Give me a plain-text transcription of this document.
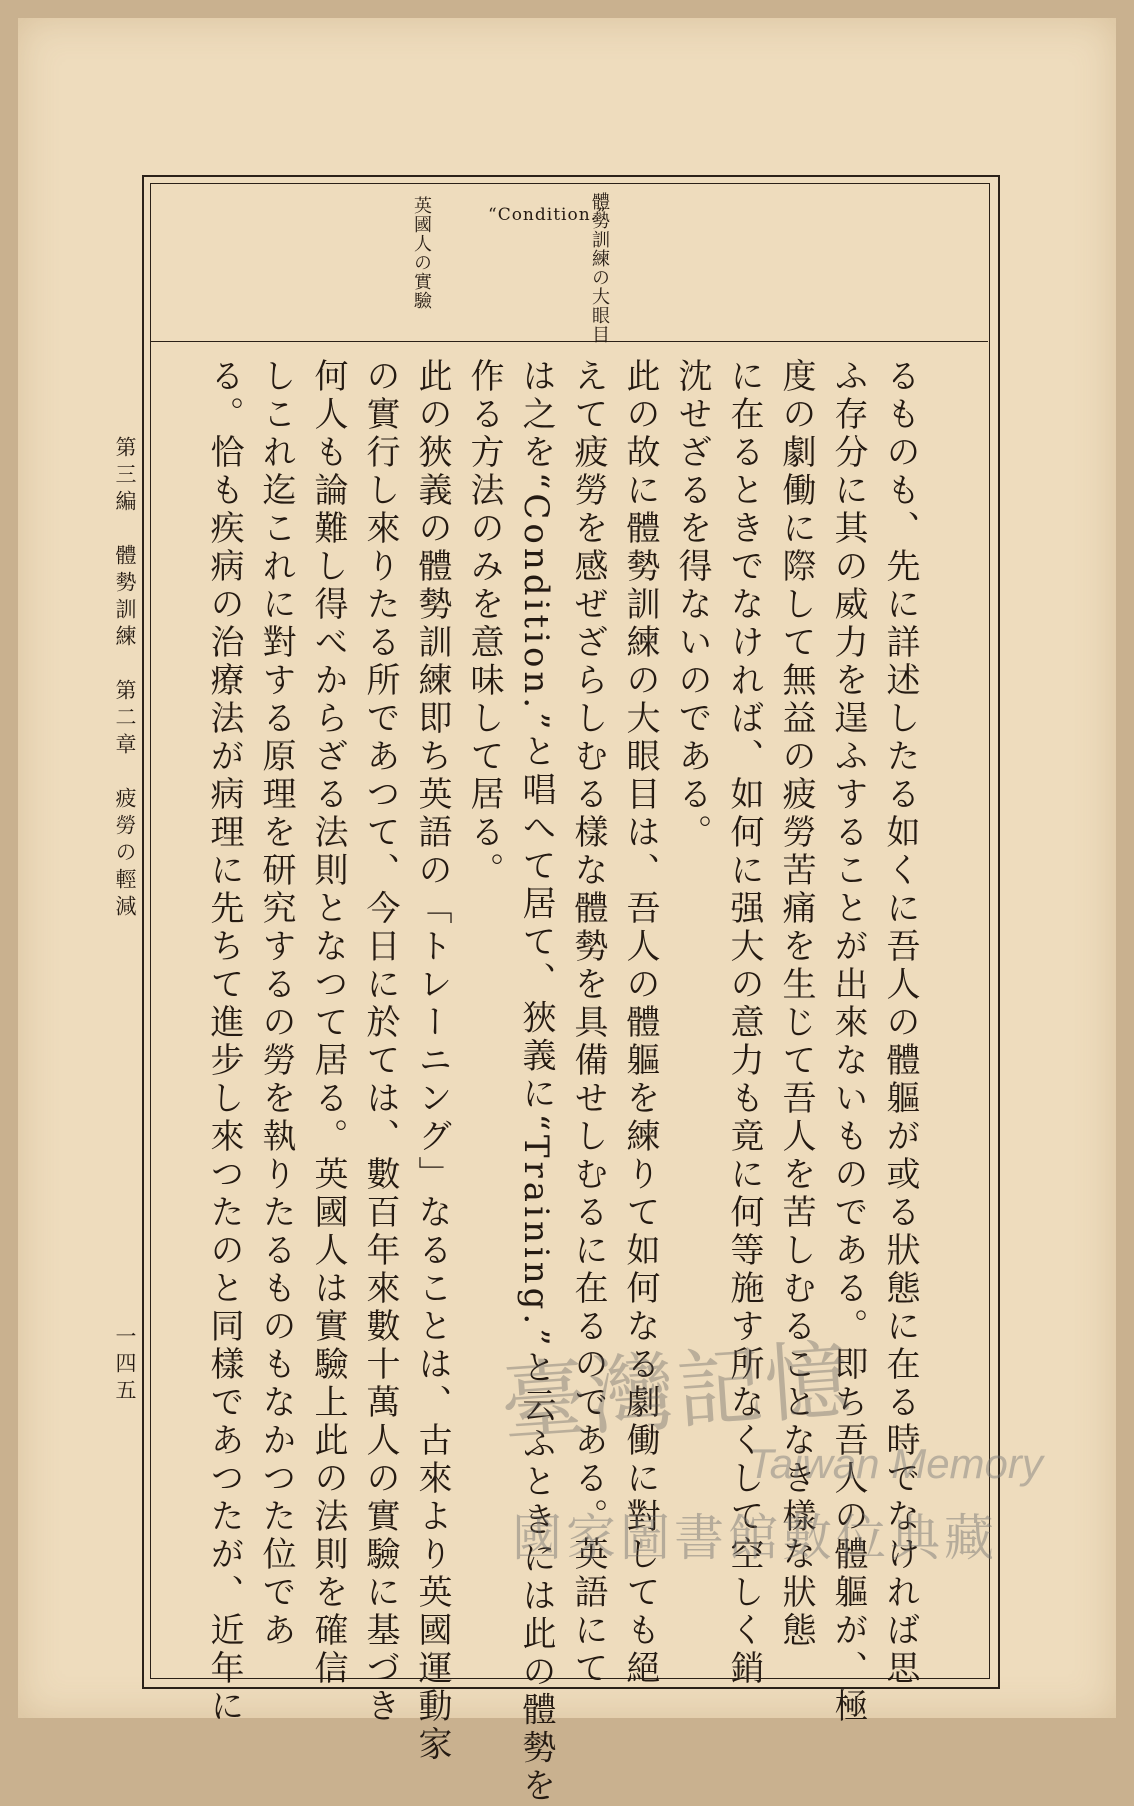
體勢訓練の大眼目
“Condition.”
英國人の實驗
るものも、先に詳述したる如くに吾人の體軀が或る狀態に在る時でなければ思
ふ存分に其の威力を逞ふすることが出來ないものである。即ち吾人の體軀が、極
度の劇働に際して無益の疲勞苦痛を生じて吾人を苦しむることなき樣な狀態
に在るときでなければ、如何に强大の意力も竟に何等施す所なくして空しく銷
沈せざるを得ないのである。
此の故に體勢訓練の大眼目は、吾人の體軀を練りて如何なる劇働に對しても絕
えて疲勞を感ぜざらしむる樣な體勢を具備せしむるに在るのである。英語にて
は之を“Condition.”と唱へて居て、狹義に“Training.”と云ふときには此の體勢を
作る方法のみを意味して居る。
此の狹義の體勢訓練即ち英語の「トレーニング」なることは、古來より英國運動家
の實行し來りたる所であつて、今日に於ては、數百年來數十萬人の實驗に基づき
何人も論難し得べからざる法則となつて居る。英國人は實驗上此の法則を確信
しこれ迄これに對する原理を研究するの勞を執りたるものもなかつた位であ
る。恰も疾病の治療法が病理に先ちて進步し來つたのと同樣であつたが、近年に
第三編　體勢訓練　第二章　疲勞の輕減
一四五	臺灣記憶
Taiwan Memory
國家圖書館數位典藏
